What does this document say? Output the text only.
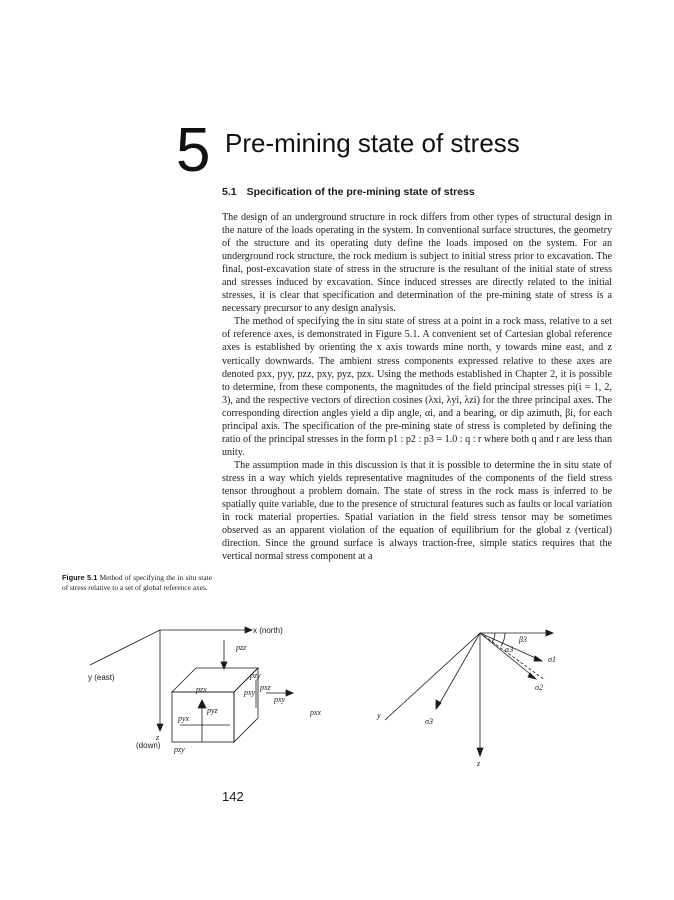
5 Pre-mining state of stress
5.1 Specification of the pre-mining state of stress

The design of an underground structure in rock differs from other types of structural design in the nature of the loads operating in the system. In conventional surface structures, the geometry of the structure and its operating duty define the loads imposed on the system. For an underground rock structure, the rock medium is subject to initial stress prior to excavation. The final, post-excavation state of stress in the structure is the resultant of the initial state of stress and stresses induced by excavation. Since induced stresses are directly related to the initial stresses, it is clear that specification and determination of the pre-mining state of stress is a necessary precursor to any design analysis.

The method of specifying the in situ state of stress at a point in a rock mass, relative to a set of reference axes, is demonstrated in Figure 5.1. A convenient set of Cartesian global reference axes is established by orienting the x axis towards mine north, y towards mine east, and z vertically downwards. The ambient stress components expressed relative to these axes are denoted pxx, pyy, pzz, pxy, pyz, pzx. Using the methods established in Chapter 2, it is possible to determine, from these components, the magnitudes of the field principal stresses pi(i = 1, 2, 3), and the respective vectors of direction cosines (λxi, λyi, λzi) for the three principal axes. The corresponding direction angles yield a dip angle, αi, and a bearing, or dip azimuth, βi, for each principal axis. The specification of the pre-mining state of stress is completed by defining the ratio of the principal stresses in the form p1 : p2 : p3 = 1.0 : q : r where both q and r are less than unity.

The assumption made in this discussion is that it is possible to determine the in situ state of stress in a way which yields representative magnitudes of the components of the field stress tensor throughout a problem domain. The state of stress in the rock mass is inferred to be spatially quite variable, due to the presence of structural features such as faults or local variation in rock material properties. Spatial variation in the field stress tensor may be sometimes observed as an apparent violation of the equation of equilibrium for the global z (vertical) direction. Since the ground surface is always traction-free, simple statics requires that the vertical normal stress component at a

Figure 5.1 Method of specifying the in situ state of stress relative to a set of global reference axes.
x (north)
y (east)
z
(down)
pzz
pzy
pzx
pyz
pxy
pyx
pxz
pxx
pxy
pzy
β3
α3
σ1
σ2
σ3
y
z
142
